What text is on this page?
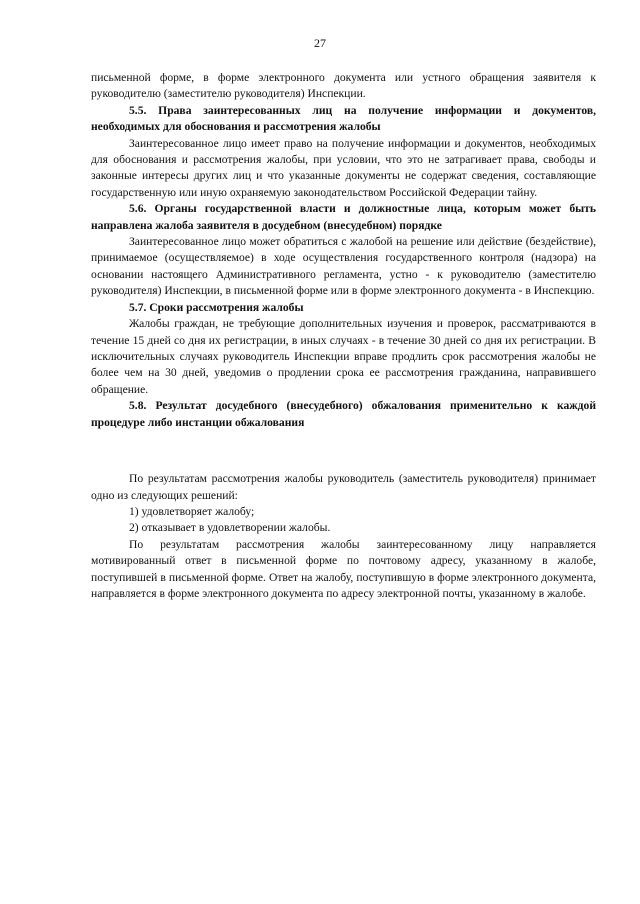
27

письменной форме, в форме электронного документа или устного обращения заявителя к руководителю (заместителю руководителя) Инспекции.

5.5. Права заинтересованных лиц на получение информации и документов, необходимых для обоснования и рассмотрения жалобы

Заинтересованное лицо имеет право на получение информации и документов, необходимых для обоснования и рассмотрения жалобы, при условии, что это не затрагивает права, свободы и законные интересы других лиц и что указанные документы не содержат сведения, составляющие государственную или иную охраняемую законодательством Российской Федерации тайну.

5.6. Органы государственной власти и должностные лица, которым может быть направлена жалоба заявителя в досудебном (внесудебном) порядке

Заинтересованное лицо может обратиться с жалобой на решение или действие (бездействие), принимаемое (осуществляемое) в ходе осуществления государственного контроля (надзора) на основании настоящего Административного регламента, устно - к руководителю (заместителю руководителя) Инспекции, в письменной форме или в форме электронного документа - в Инспекцию.

5.7. Сроки рассмотрения жалобы

Жалобы граждан, не требующие дополнительных изучения и проверок, рассматриваются в течение 15 дней со дня их регистрации, в иных случаях - в течение 30 дней со дня их регистрации. В исключительных случаях руководитель Инспекции вправе продлить срок рассмотрения жалобы не более чем на 30 дней, уведомив о продлении срока ее рассмотрения гражданина, направившего обращение.

5.8. Результат досудебного (внесудебного) обжалования применительно к каждой процедуре либо инстанции обжалования

По результатам рассмотрения жалобы руководитель (заместитель руководителя) принимает одно из следующих решений:

1) удовлетворяет жалобу;

2) отказывает в удовлетворении жалобы.

По результатам рассмотрения жалобы заинтересованному лицу направляется мотивированный ответ в письменной форме по почтовому адресу, указанному в жалобе, поступившей в письменной форме. Ответ на жалобу, поступившую в форме электронного документа, направляется в форме электронного документа по адресу электронной почты, указанному в жалобе.
